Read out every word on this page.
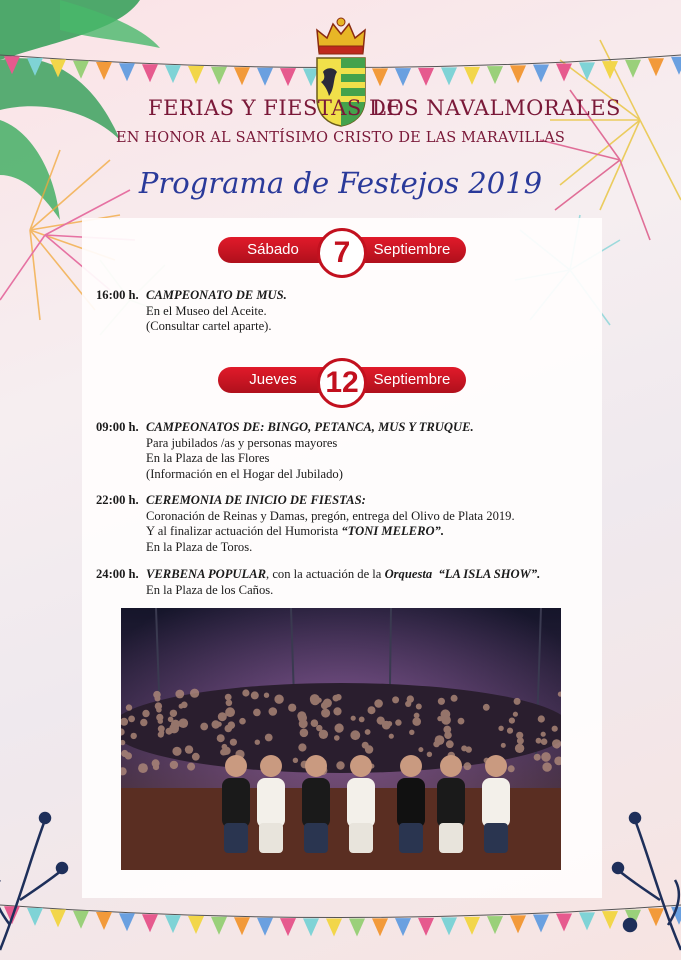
FERIAS Y FIESTAS DE
LOS NAVALMORALES
EN HONOR AL SANTÍSIMO CRISTO DE LAS MARAVILLAS
Programa de Festejos 2019
Sábado	Septiembre
7
16:00 h. CAMPEONATO DE MUS.
En el Museo del Aceite.
(Consultar cartel aparte).
Jueves	Septiembre
12
09:00 h. CAMPEONATOS DE: BINGO, PETANCA, MUS Y TRUQUE.
Para jubilados /as y personas mayores
En la Plaza de las Flores
(Información en el Hogar del Jubilado)
22:00 h. CEREMONIA DE INICIO DE FIESTAS:
Coronación de Reinas y Damas, pregón, entrega del Olivo de Plata 2019.
Y al finalizar actuación del Humorista “TONI MELERO”.
En la Plaza de Toros.
24:00 h. VERBENA POPULAR, con la actuación de la Orquesta “LA ISLA SHOW”.
En la Plaza de los Caños.
